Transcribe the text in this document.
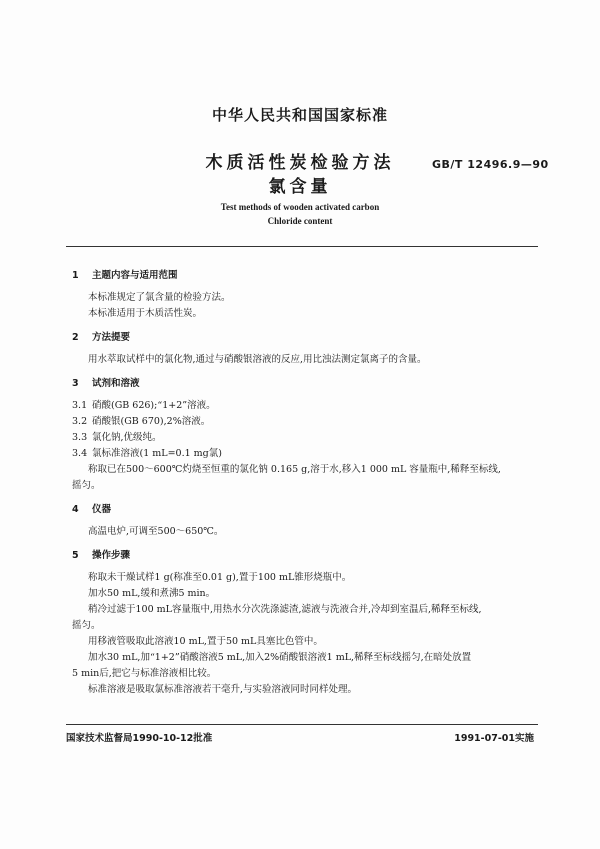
中华人民共和国国家标准
木质活性炭检验方法
氯含量
GB/T 12496.9—90
Test methods of wooden activated carbon
Chloride content
1 主题内容与适用范围
本标准规定了氯含量的检验方法。
本标准适用于木质活性炭。
2 方法提要
用水萃取试样中的氯化物,通过与硝酸银溶液的反应,用比浊法测定氯离子的含量。
3 试剂和溶液
3.1 硝酸(GB 626);“1+2”溶液。
3.2 硝酸银(GB 670),2%溶液。
3.3 氯化钠,优级纯。
3.4 氯标准溶液(1 mL=0.1 mg氯)
称取已在500～600℃灼烧至恒重的氯化钠 0.165 g,溶于水,移入1 000 mL 容量瓶中,稀释至标线,
摇匀。
4 仪器
高温电炉,可调至500～650℃。
5 操作步骤
称取未干燥试样1 g(称准至0.01 g),置于100 mL锥形烧瓶中。
加水50 mL,缓和煮沸5 min。
稍冷过滤于100 mL容量瓶中,用热水分次洗涤滤渣,滤液与洗液合并,冷却到室温后,稀释至标线,
摇匀。
用移液管吸取此溶液10 mL,置于50 mL具塞比色管中。
加水30 mL,加“1+2”硝酸溶液5 mL,加入2%硝酸银溶液1 mL,稀释至标线摇匀,在暗处放置
5 min后,把它与标准溶液相比较。
标准溶液是吸取氯标准溶液若干毫升,与实验溶液同时同样处理。
国家技术监督局1990-10-12批准	1991-07-01实施
